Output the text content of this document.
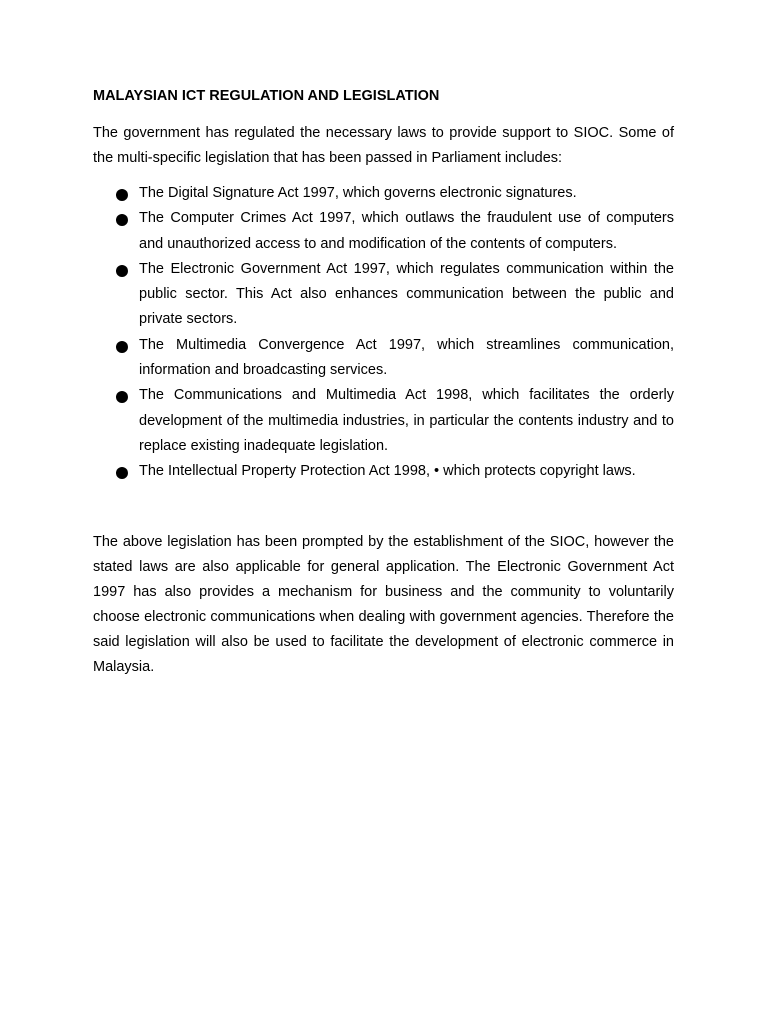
MALAYSIAN ICT REGULATION AND LEGISLATION

The government has regulated the necessary laws to provide support to SIOC. Some of the multi-specific legislation that has been passed in Parliament includes:

The Digital Signature Act 1997, which governs electronic signatures.
The Computer Crimes Act 1997, which outlaws the fraudulent use of computers and unauthorized access to and modification of the contents of computers.
The Electronic Government Act 1997, which regulates communication within the public sector. This Act also enhances communication between the public and private sectors.
The Multimedia Convergence Act 1997, which streamlines communication, information and broadcasting services.
The Communications and Multimedia Act 1998, which facilitates the orderly development of the multimedia industries, in particular the contents industry and to replace existing inadequate legislation.
The Intellectual Property Protection Act 1998, • which protects copyright laws.

The above legislation has been prompted by the establishment of the SIOC, however the stated laws are also applicable for general application. The Electronic Government Act 1997 has also provides a mechanism for business and the community to voluntarily choose electronic communications when dealing with government agencies. Therefore the said legislation will also be used to facilitate the development of electronic commerce in Malaysia.
